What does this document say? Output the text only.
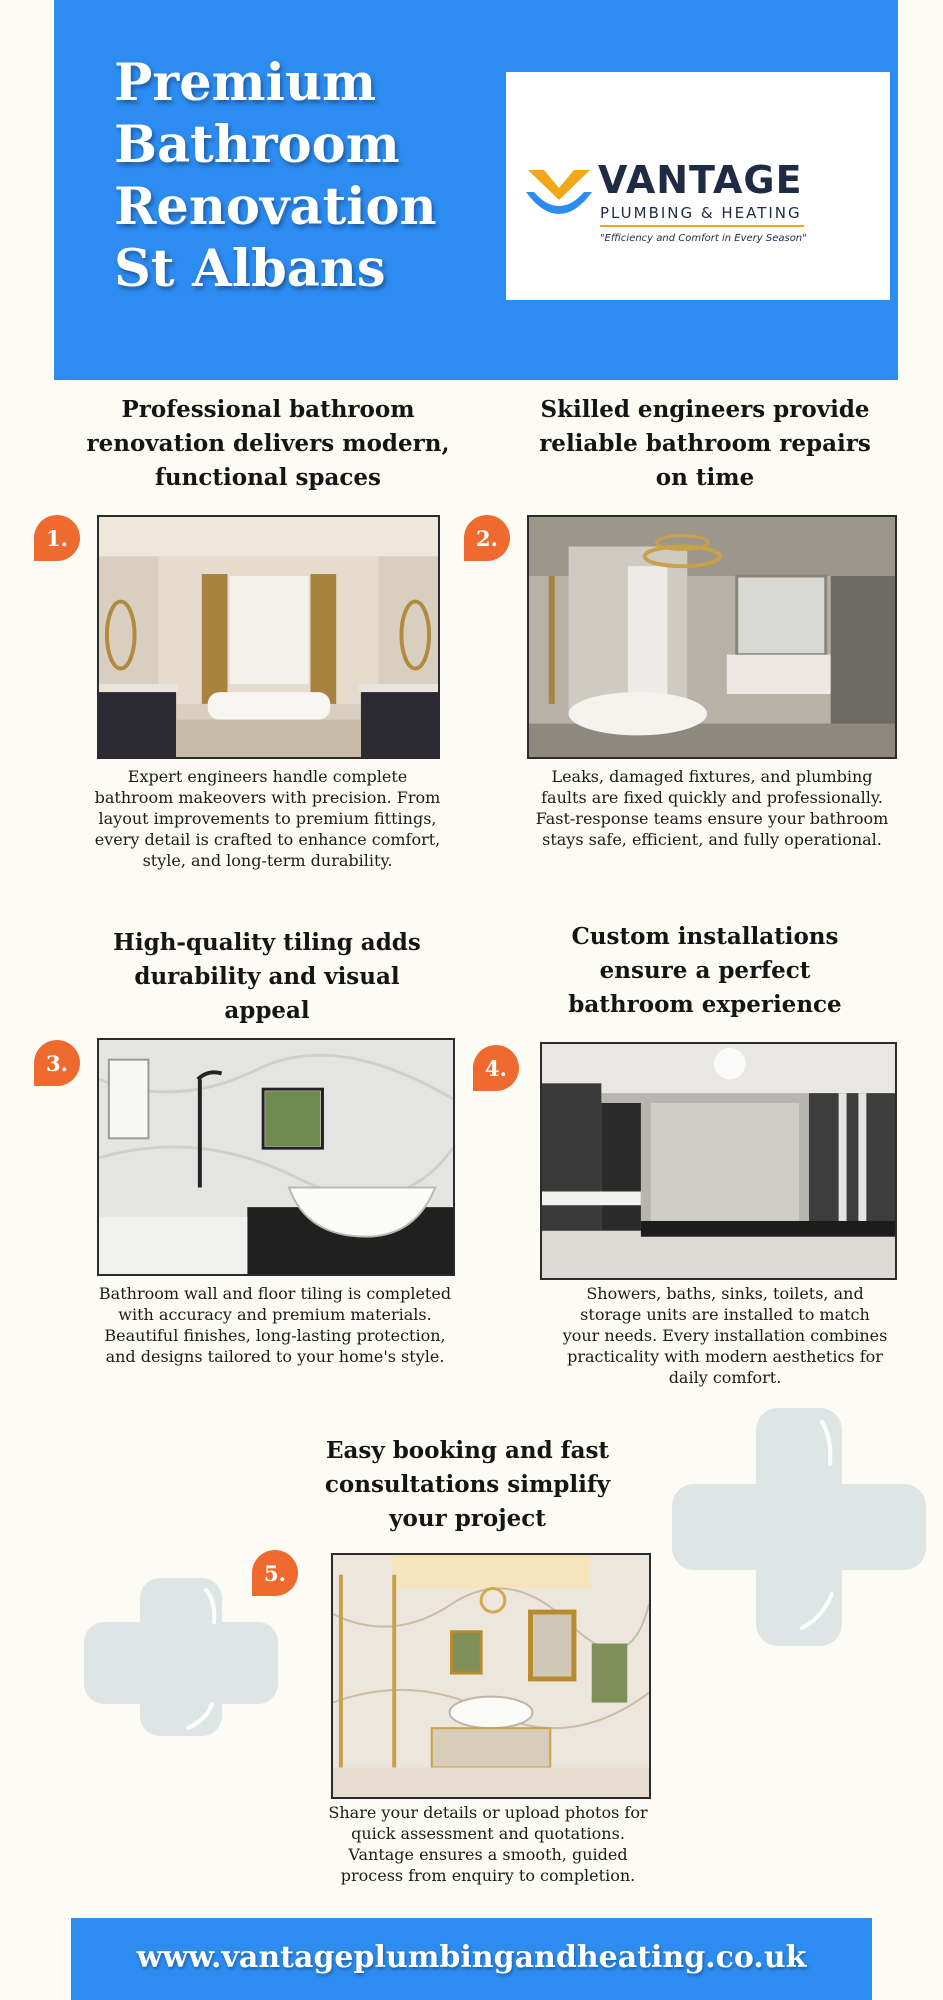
Premium
Bathroom
Renovation
St Albans
VANTAGE
PLUMBING & HEATING
"Efficiency and Comfort in Every Season"
Professional bathroom renovation delivers modern, functional spaces
1.

Expert engineers handle complete bathroom makeovers with precision. From layout improvements to premium fittings, every detail is crafted to enhance comfort, style, and long-term durability.

Skilled engineers provide reliable bathroom repairs on time
2.

Leaks, damaged fixtures, and plumbing faults are fixed quickly and professionally. Fast-response teams ensure your bathroom stays safe, efficient, and fully operational.

High-quality tiling adds durability and visual appeal
3.

Bathroom wall and floor tiling is completed with accuracy and premium materials. Beautiful finishes, long-lasting protection, and designs tailored to your home's style.

Custom installations ensure a perfect bathroom experience
4.

Showers, baths, sinks, toilets, and storage units are installed to match your needs. Every installation combines practicality with modern aesthetics for daily comfort.

Easy booking and fast consultations simplify your project
5.

Share your details or upload photos for quick assessment and quotations. Vantage ensures a smooth, guided process from enquiry to completion.

www.vantageplumbingandheating.co.uk
